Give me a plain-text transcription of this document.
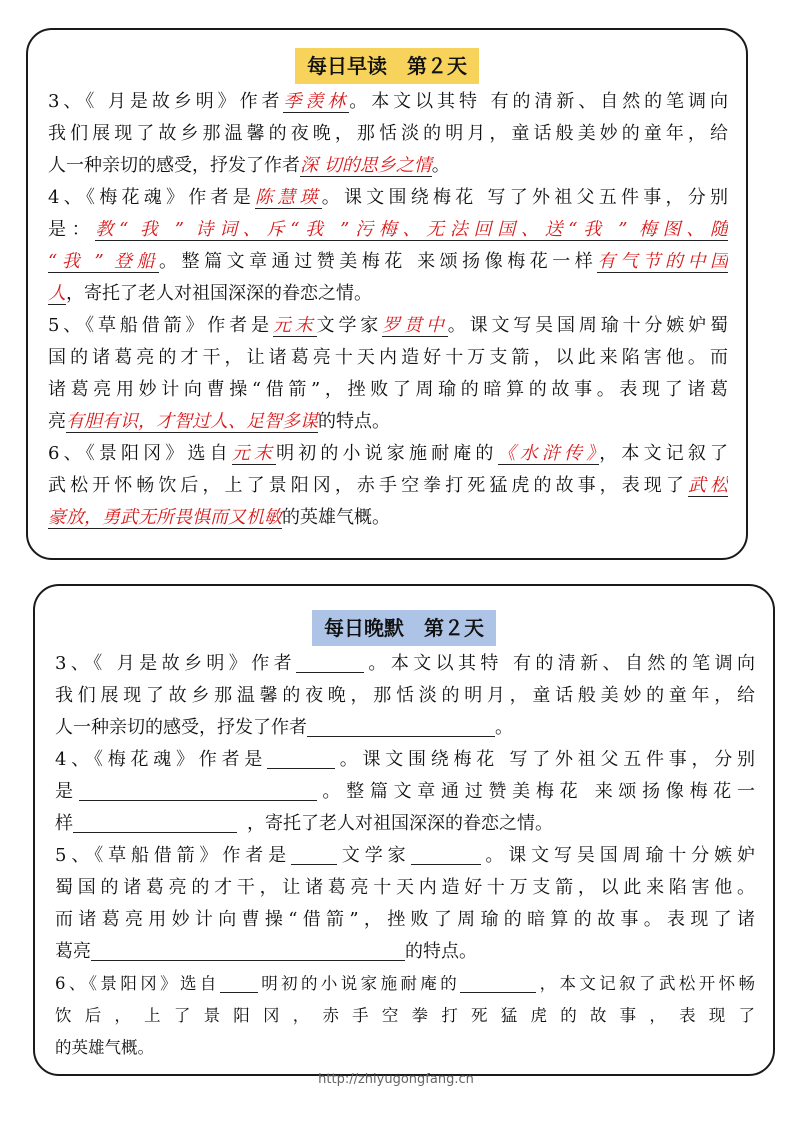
每日早读　第２天
3、《 月是故乡明》作者季羡林。本文以其特 有的清新、自然的笔调向
我们展现了故乡那温馨的夜晚，那恬淡的明月，童话般美妙的童年，给
人一种亲切的感受，抒发了作者深 切的思乡之情。
4、《梅花魂》作者是陈慧瑛。课文围绕梅花 写了外祖父五件事，分别
是：教“ 我 ” 诗词、斥“我 ”污梅、无法回国、送“我 ” 梅图、随
“我 ” 登船。整篇文章通过赞美梅花 来颂扬像梅花一样有气节的中国
人，寄托了老人对祖国深深的眷恋之情。
5、《草船借箭》作者是元末文学家罗贯中。课文写吴国周瑜十分嫉妒蜀
国的诸葛亮的才干，让诸葛亮十天内造好十万支箭，以此来陷害他。而
诸葛亮用妙计向曹操“借箭”，挫败了周瑜的暗算的故事。表现了诸葛
亮有胆有识，才智过人、足智多谋的特点。
6、《景阳冈》选自元末明初的小说家施耐庵的《水浒传》，本文记叙了
武松开怀畅饮后，上了景阳冈，赤手空拳打死猛虎的故事，表现了武松
豪放，勇武无所畏惧而又机敏的英雄气概。
每日晚默　第２天
3、《 月是故乡明》作者	。本文以其特 有的清新、自然的笔调向
我们展现了故乡那温馨的夜晚，那恬淡的明月，童话般美妙的童年，给
人一种亲切的感受，抒发了作者	。
4、《梅花魂》作者是	。课文围绕梅花 写了外祖父五件事，分别
是	。整篇文章通过赞美梅花 来颂扬像梅花一
样	，寄托了老人对祖国深深的眷恋之情。
5、《草船借箭》作者是	文学家	。课文写吴国周瑜十分嫉妒
蜀国的诸葛亮的才干，让诸葛亮十天内造好十万支箭，以此来陷害他。
而诸葛亮用妙计向曹操“借箭”，挫败了周瑜的暗算的故事。表现了诸
葛亮	的特点。
6、《景阳冈》选自 明初的小说家施耐庵的	，本文记叙了武松开怀畅
饮后，上了景阳冈，赤手空拳打死猛虎的故事，表现了
的英雄气概。
http://zhiyugongfang.cn
